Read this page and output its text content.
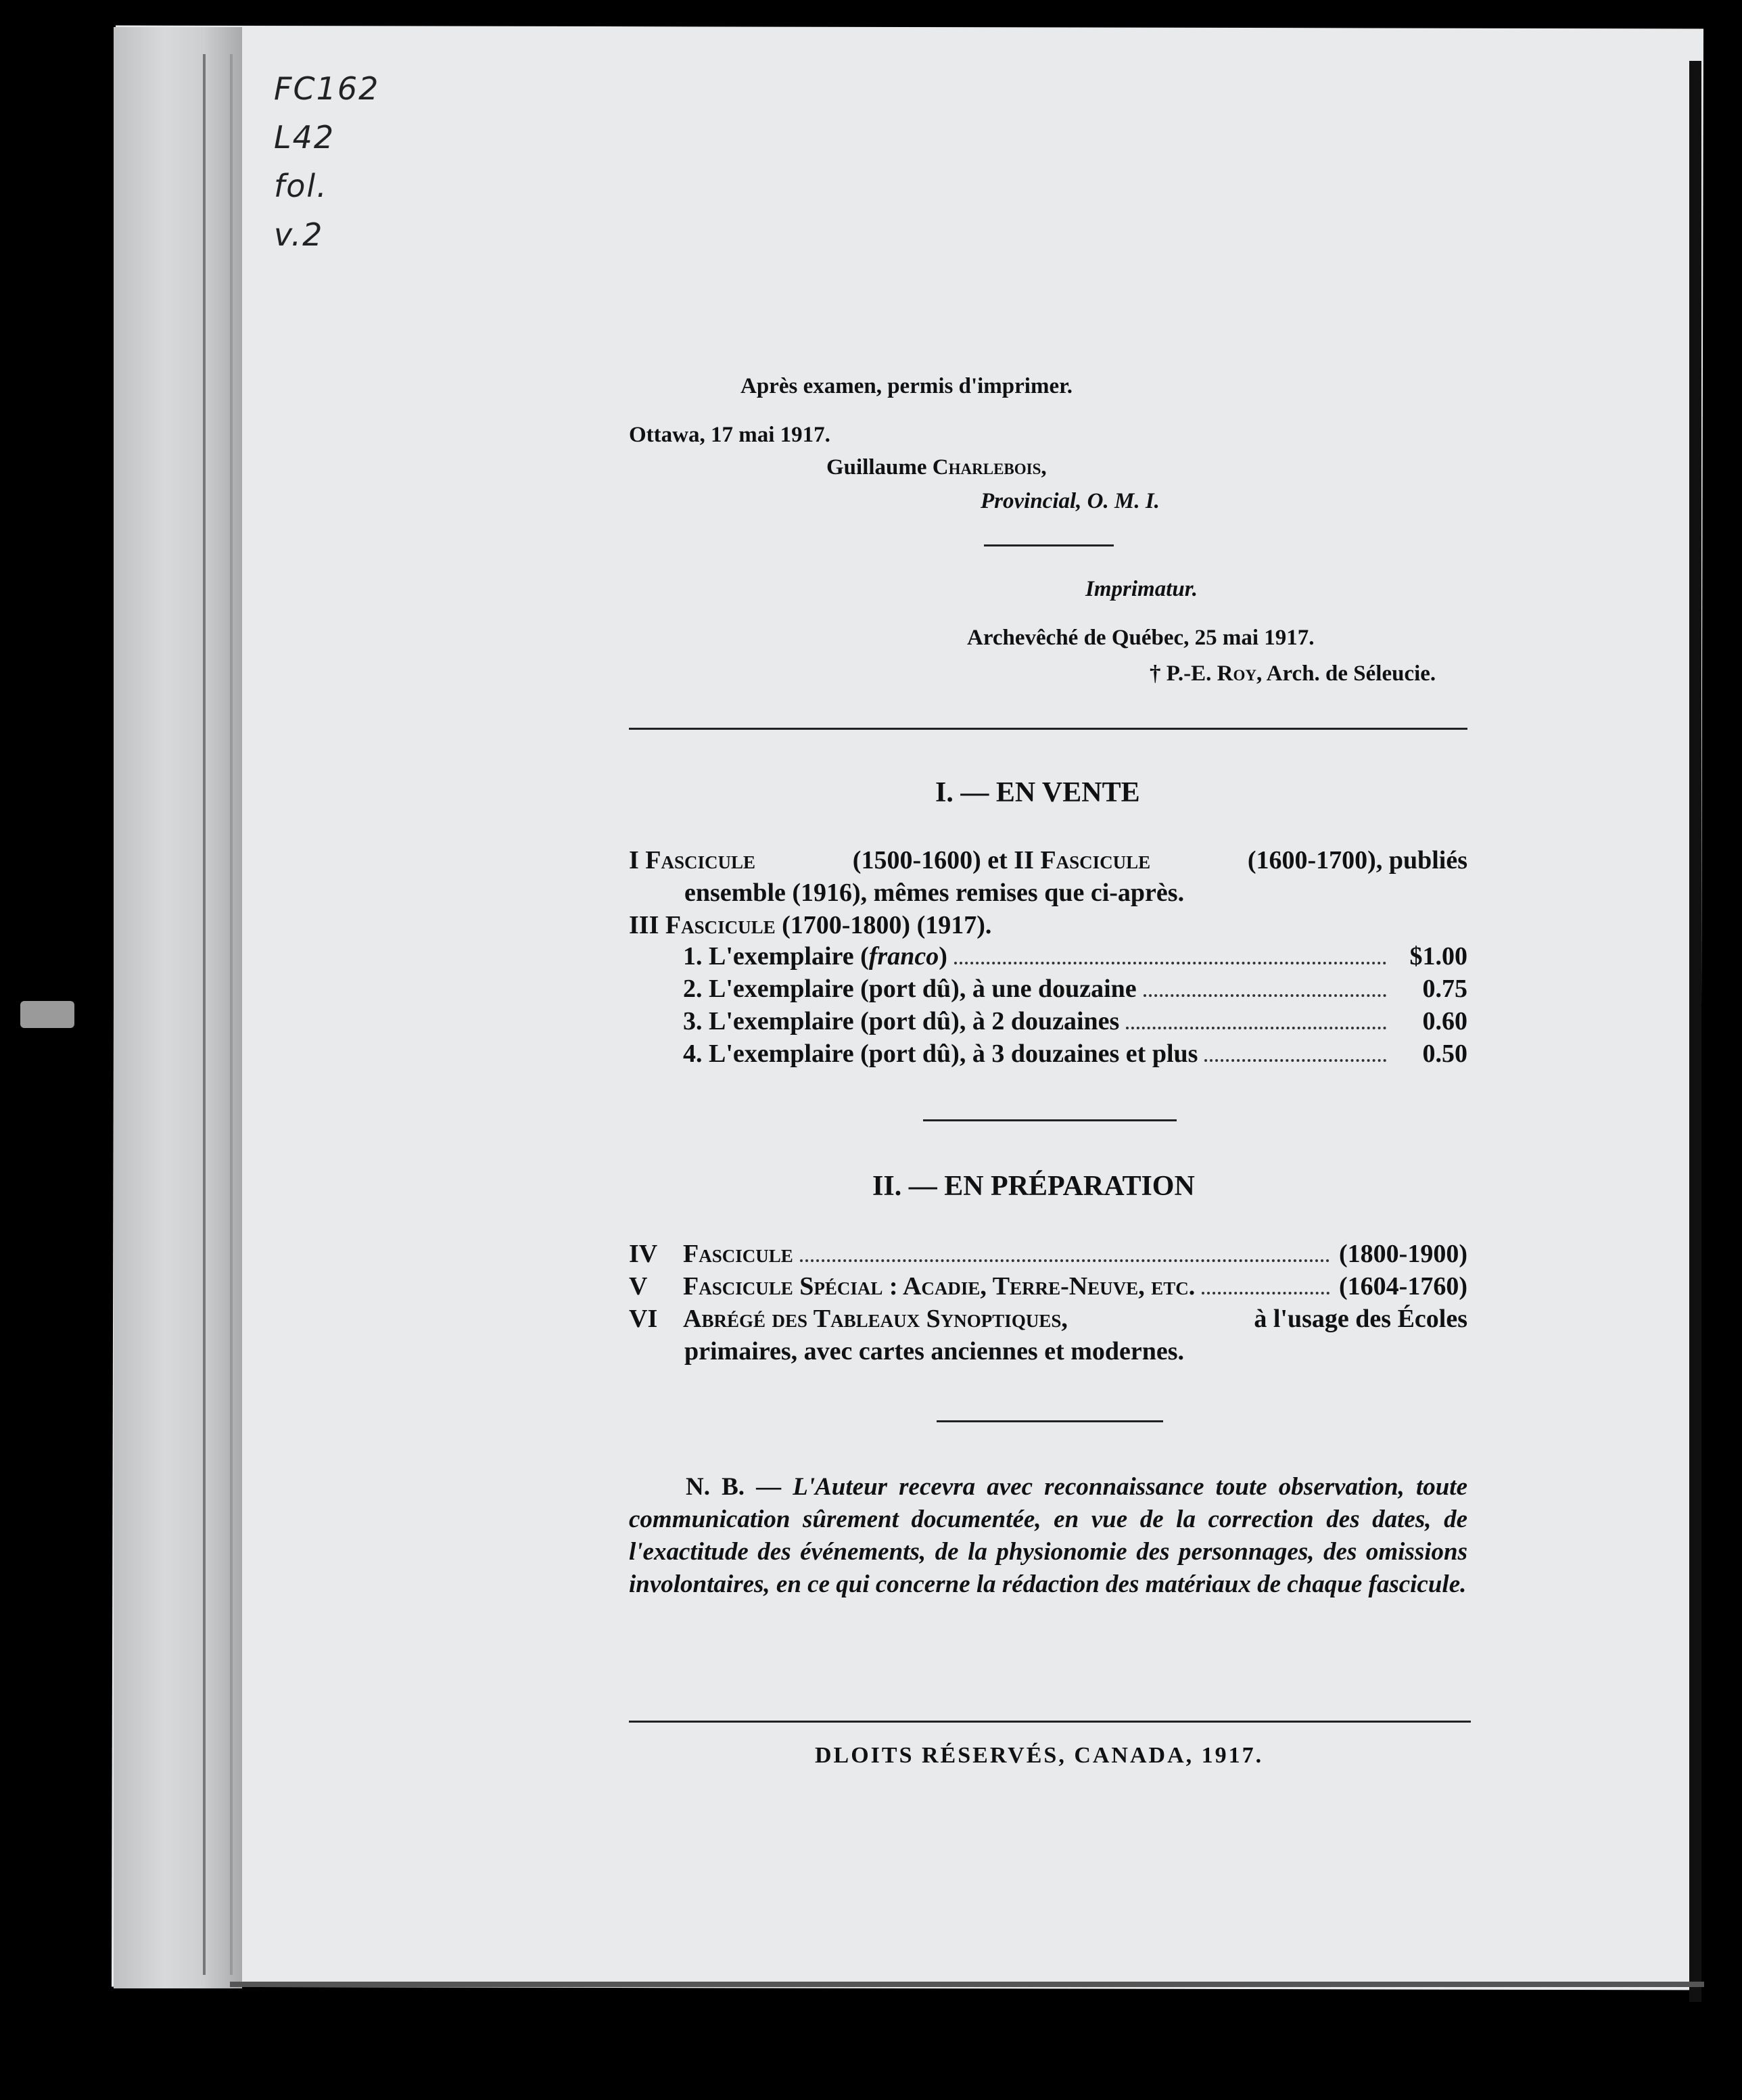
FC162
L42
fol.
v.2
Après examen, permis d'imprimer.
Ottawa, 17 mai 1917.
Guillaume Charlebois,
Provincial, O. M. I.
Imprimatur.
Archevêché de Québec, 25 mai 1917.
† P.-E. Roy, Arch. de Séleucie.
I. — EN VENTE
I Fascicule	(1500-1600) et II Fascicule	(1600-1700), publiés
ensemble (1916), mêmes remises que ci-après.
III Fascicule (1700-1800) (1917).
1. L'exemplaire (franco)	$1.00
2. L'exemplaire (port dû), à une douzaine	0.75
3. L'exemplaire (port dû), à 2 douzaines	0.60
4. L'exemplaire (port dû), à 3 douzaines et plus	0.50
II. — EN PRÉPARATION
IV Fascicule	(1800-1900)
V	Fascicule Spécial : Acadie, Terre-Neuve, etc.	(1604-1760)
VI Abrégé des Tableaux Synoptiques,	à l'usage des Écoles
primaires, avec cartes anciennes et modernes.
N. B. — L'Auteur recevra avec reconnaissance toute observation, toute communication sûrement documentée, en vue de la correction des dates, de l'exactitude des événements, de la physionomie des personnages, des omissions involontaires, en ce qui concerne la rédaction des matériaux de chaque fascicule.
DLOITS RÉSERVÉS, CANADA, 1917.
